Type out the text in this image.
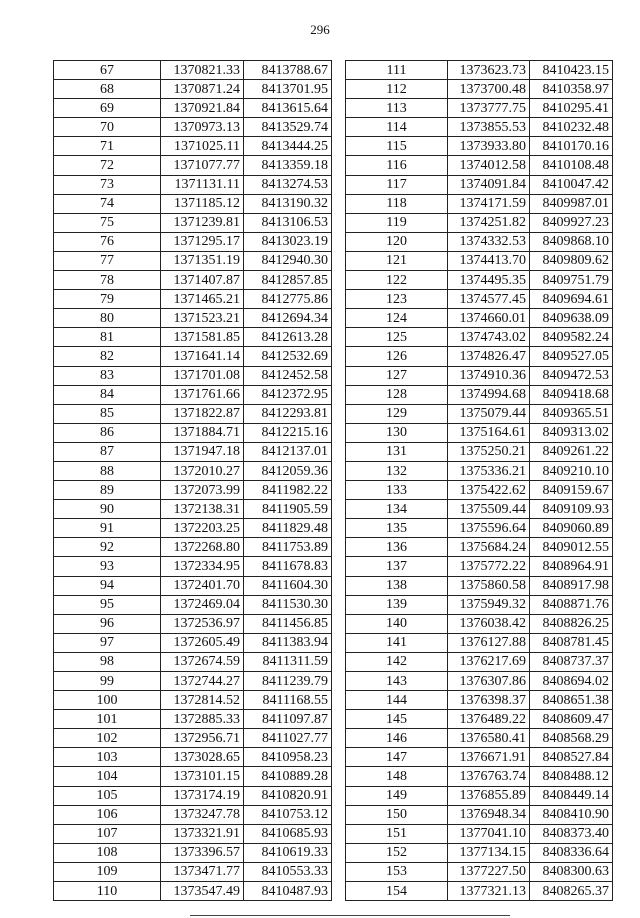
296
67	1370821.33	8413788.67
68	1370871.24	8413701.95
69	1370921.84	8413615.64
70	1370973.13	8413529.74
71	1371025.11	8413444.25
72	1371077.77	8413359.18
73	1371131.11	8413274.53
74	1371185.12	8413190.32
75	1371239.81	8413106.53
76	1371295.17	8413023.19
77	1371351.19	8412940.30
78	1371407.87	8412857.85
79	1371465.21	8412775.86
80	1371523.21	8412694.34
81	1371581.85	8412613.28
82	1371641.14	8412532.69
83	1371701.08	8412452.58
84	1371761.66	8412372.95
85	1371822.87	8412293.81
86	1371884.71	8412215.16
87	1371947.18	8412137.01
88	1372010.27	8412059.36
89	1372073.99	8411982.22
90	1372138.31	8411905.59
91	1372203.25	8411829.48
92	1372268.80	8411753.89
93	1372334.95	8411678.83
94	1372401.70	8411604.30
95	1372469.04	8411530.30
96	1372536.97	8411456.85
97	1372605.49	8411383.94
98	1372674.59	8411311.59
99	1372744.27	8411239.79
100	1372814.52	8411168.55
101	1372885.33	8411097.87
102	1372956.71	8411027.77
103	1373028.65	8410958.23
104	1373101.15	8410889.28
105	1373174.19	8410820.91
106	1373247.78	8410753.12
107	1373321.91	8410685.93
108	1373396.57	8410619.33
109	1373471.77	8410553.33
110	1373547.49	8410487.93
111	1373623.73	8410423.15
112	1373700.48	8410358.97
113	1373777.75	8410295.41
114	1373855.53	8410232.48
115	1373933.80	8410170.16
116	1374012.58	8410108.48
117	1374091.84	8410047.42
118	1374171.59	8409987.01
119	1374251.82	8409927.23
120	1374332.53	8409868.10
121	1374413.70	8409809.62
122	1374495.35	8409751.79
123	1374577.45	8409694.61
124	1374660.01	8409638.09
125	1374743.02	8409582.24
126	1374826.47	8409527.05
127	1374910.36	8409472.53
128	1374994.68	8409418.68
129	1375079.44	8409365.51
130	1375164.61	8409313.02
131	1375250.21	8409261.22
132	1375336.21	8409210.10
133	1375422.62	8409159.67
134	1375509.44	8409109.93
135	1375596.64	8409060.89
136	1375684.24	8409012.55
137	1375772.22	8408964.91
138	1375860.58	8408917.98
139	1375949.32	8408871.76
140	1376038.42	8408826.25
141	1376127.88	8408781.45
142	1376217.69	8408737.37
143	1376307.86	8408694.02
144	1376398.37	8408651.38
145	1376489.22	8408609.47
146	1376580.41	8408568.29
147	1376671.91	8408527.84
148	1376763.74	8408488.12
149	1376855.89	8408449.14
150	1376948.34	8408410.90
151	1377041.10	8408373.40
152	1377134.15	8408336.64
153	1377227.50	8408300.63
154	1377321.13	8408265.37
